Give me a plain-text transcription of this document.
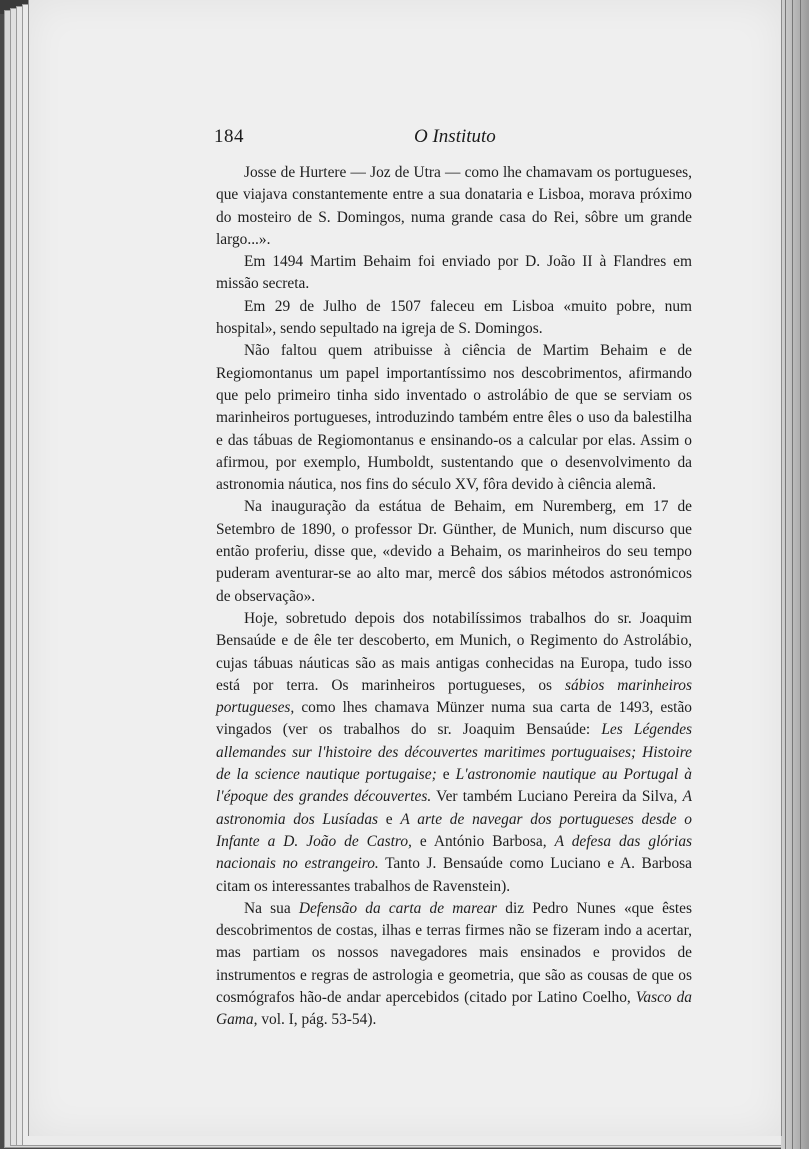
184	O Instituto

Josse de Hurtere — Joz de Utra — como lhe chamavam os portugueses, que viajava constantemente entre a sua donataria e Lisboa, morava próximo do mosteiro de S. Domingos, numa grande casa do Rei, sôbre um grande largo...».

Em 1494 Martim Behaim foi enviado por D. João II à Flandres em missão secreta.

Em 29 de Julho de 1507 faleceu em Lisboa «muito pobre, num hospital», sendo sepultado na igreja de S. Domingos.

Não faltou quem atribuisse à ciência de Martim Behaim e de Regiomontanus um papel importantíssimo nos descobrimentos, afirmando que pelo primeiro tinha sido inventado o astrolábio de que se serviam os marinheiros portugueses, introduzindo também entre êles o uso da balestilha e das tábuas de Regiomontanus e ensinando-os a calcular por elas. Assim o afirmou, por exemplo, Humboldt, sustentando que o desenvolvimento da astronomia náutica, nos fins do século XV, fôra devido à ciência alemã.

Na inauguração da estátua de Behaim, em Nuremberg, em 17 de Setembro de 1890, o professor Dr. Günther, de Munich, num discurso que então proferiu, disse que, «devido a Behaim, os marinheiros do seu tempo puderam aventurar-se ao alto mar, mercê dos sábios métodos astronómicos de observação».

Hoje, sobretudo depois dos notabilíssimos trabalhos do sr. Joaquim Bensaúde e de êle ter descoberto, em Munich, o Regimento do Astrolábio, cujas tábuas náuticas são as mais antigas conhecidas na Europa, tudo isso está por terra. Os marinheiros portugueses, os sábios marinheiros portugueses, como lhes chamava Münzer numa sua carta de 1493, estão vingados (ver os trabalhos do sr. Joaquim Bensaúde: Les Légendes allemandes sur l'histoire des découvertes maritimes portuguaises; Histoire de la science nautique portugaise; e L'astronomie nautique au Portugal à l'époque des grandes découvertes. Ver também Luciano Pereira da Silva, A astronomia dos Lusíadas e A arte de navegar dos portugueses desde o Infante a D. João de Castro, e António Barbosa, A defesa das glórias nacionais no estrangeiro. Tanto J. Bensaúde como Luciano e A. Barbosa citam os interessantes trabalhos de Ravenstein).

Na sua Defensão da carta de marear diz Pedro Nunes «que êstes descobrimentos de costas, ilhas e terras firmes não se fizeram indo a acertar, mas partiam os nossos navegadores mais ensinados e providos de instrumentos e regras de astrologia e geometria, que são as cousas de que os cosmógrafos hão-de andar apercebidos (citado por Latino Coelho, Vasco da Gama, vol. I, pág. 53-54).
